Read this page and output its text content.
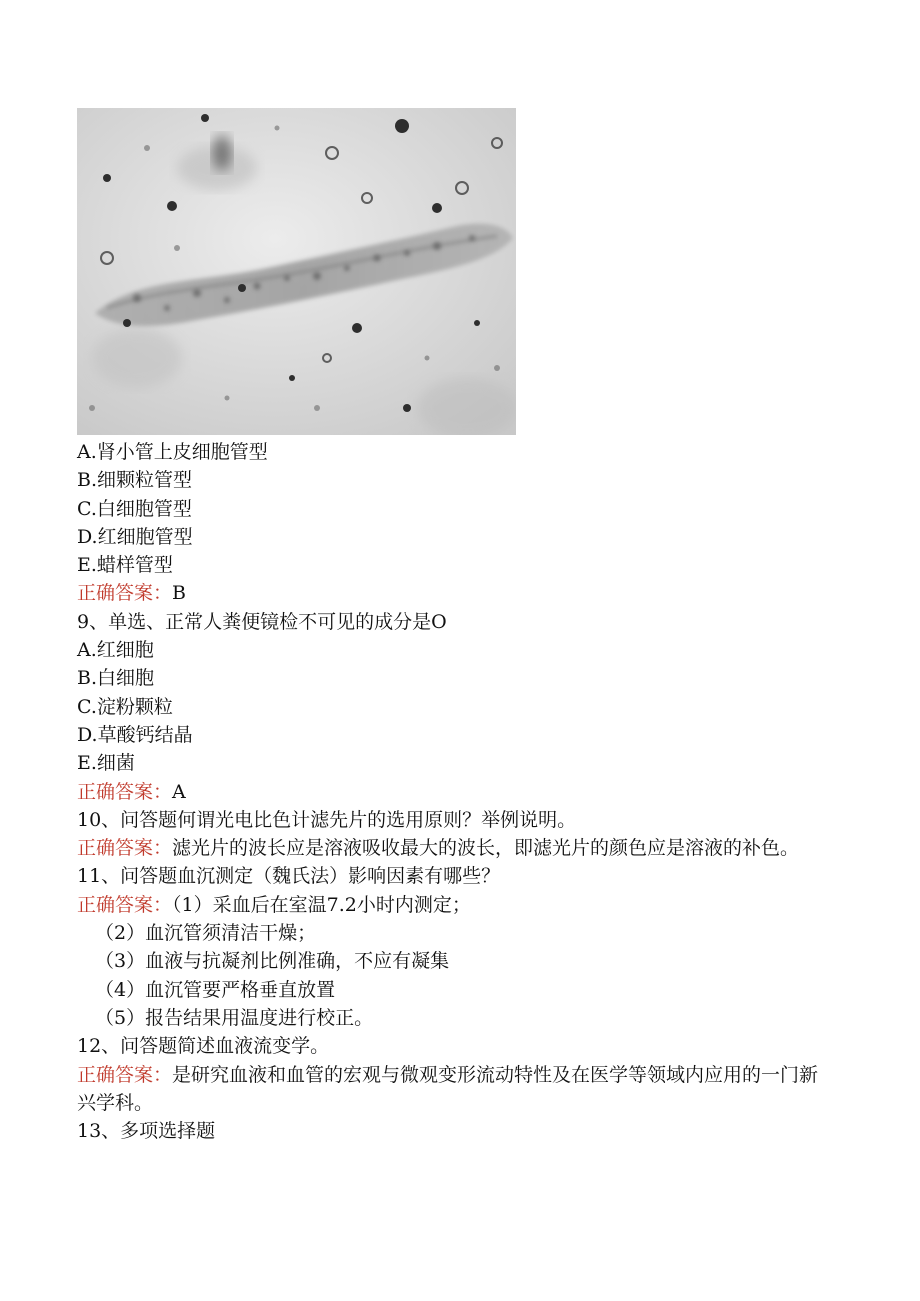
A.肾小管上皮细胞管型
B.细颗粒管型
C.白细胞管型
D.红细胞管型
E.蜡样管型
正确答案：B
9、单选、正常人粪便镜检不可见的成分是O
A.红细胞
B.白细胞
C.淀粉颗粒
D.草酸钙结晶
E.细菌
正确答案：A
10、问答题何谓光电比色计滤先片的选用原则？举例说明。
正确答案：滤光片的波长应是溶液吸收最大的波长，即滤光片的颜色应是溶液的补色。
11、问答题血沉测定（魏氏法）影响因素有哪些？
正确答案：（1）采血后在室温7.2小时内测定；
（2）血沉管须清洁干燥；
（3）血液与抗凝剂比例准确，不应有凝集
（4）血沉管要严格垂直放置
（5）报告结果用温度进行校正。
12、问答题简述血液流变学。
正确答案：是研究血液和血管的宏观与微观变形流动特性及在医学等领域内应用的一门新兴学科。
13、多项选择题
